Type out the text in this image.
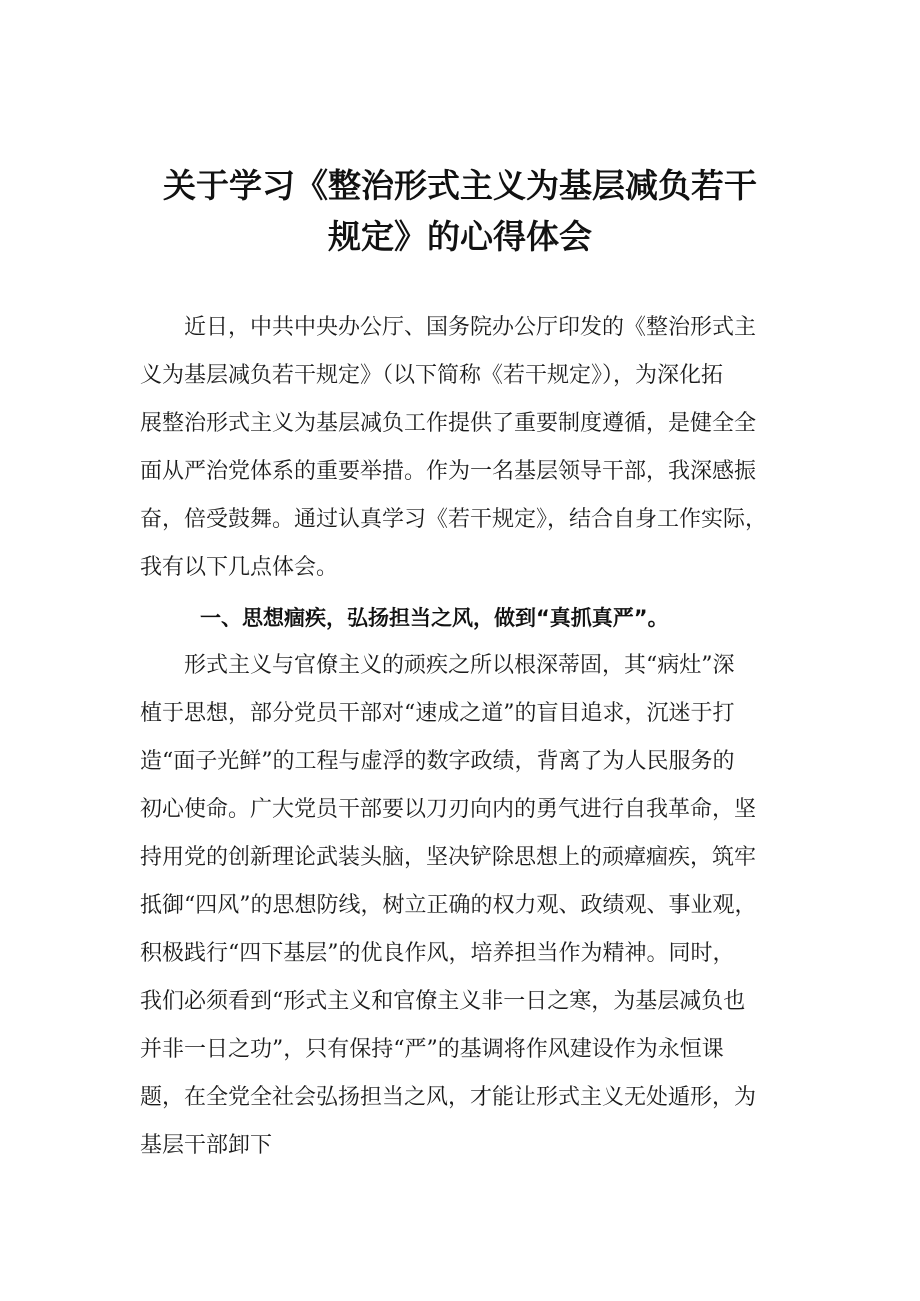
关于学习《整治形式主义为基层减负若干
规定》的心得体会
　　近日，中共中央办公厅、国务院办公厅印发的《整治形式主
义为基层减负若干规定》（以下简称《若干规定》），为深化拓
展整治形式主义为基层减负工作提供了重要制度遵循，是健全全
面从严治党体系的重要举措。作为一名基层领导干部，我深感振
奋，倍受鼓舞。通过认真学习《若干规定》，结合自身工作实际，
我有以下几点体会。
一、思想痼疾，弘扬担当之风，做到“真抓真严”。
　　形式主义与官僚主义的顽疾之所以根深蒂固，其“病灶”深
植于思想，部分党员干部对“速成之道”的盲目追求，沉迷于打
造“面子光鲜”的工程与虚浮的数字政绩，背离了为人民服务的
初心使命。广大党员干部要以刀刃向内的勇气进行自我革命，坚
持用党的创新理论武装头脑，坚决铲除思想上的顽瘴痼疾，筑牢
抵御“四风”的思想防线，树立正确的权力观、政绩观、事业观，
积极践行“四下基层”的优良作风，培养担当作为精神。同时，
我们必须看到“形式主义和官僚主义非一日之寒，为基层减负也
并非一日之功”，只有保持“严”的基调将作风建设作为永恒课
题，在全党全社会弘扬担当之风，才能让形式主义无处遁形，为
基层干部卸下
